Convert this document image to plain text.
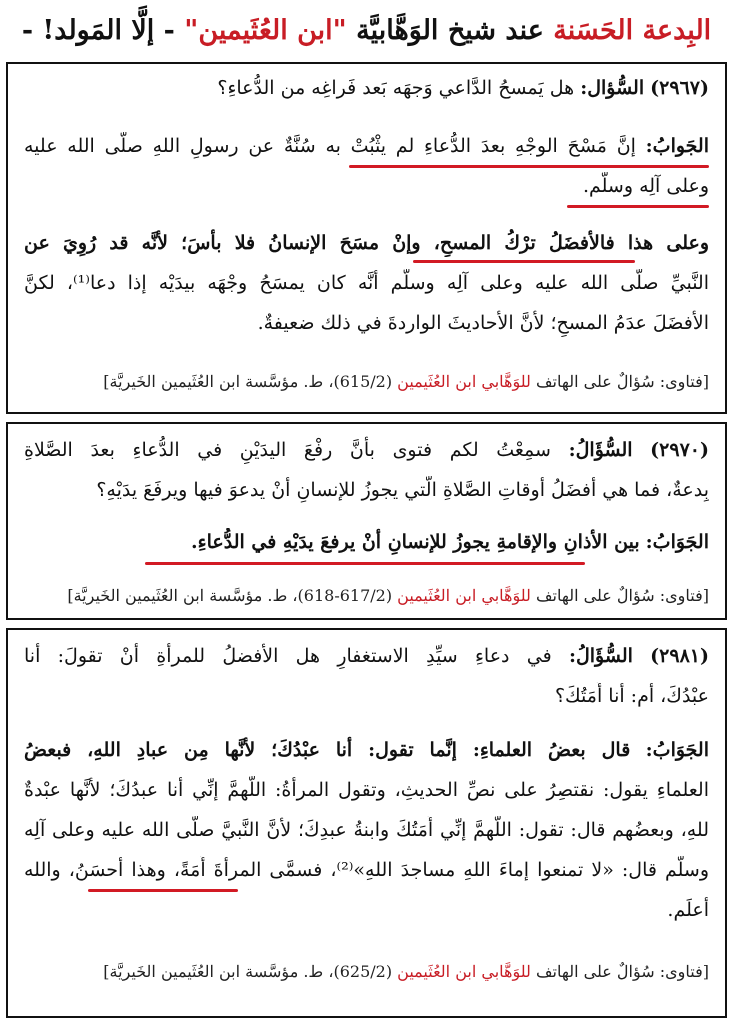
البِدعة الحَسَنة عند شيخ الوَهَّابيَّة "ابن العُثَيمين" - إلَّا المَولد! -
(٢٩٦٧) السُّؤال: هل يَمسحُ الدَّاعي وَجهَه بَعد فَراغِه من الدُّعاءِ؟
الجَوابُ: إنَّ مَسْحَ الوجْهِ بعدَ الدُّعاءِ لم يثْبُتْ به سُنَّةٌ عن رسولِ اللهِ صلَّى الله عليه
وعلى آلِه وسلَّم.
وعلى هذا فالأفضَلُ ترْكُ المسحِ، وإنْ مسَحَ الإنسانُ فلا بأْسَ؛ لأنَّه قد رُوِيَ عن
النَّبيِّ صلَّى الله عليه وعلى آلِه وسلَّم أنَّه كان يمسَحُ وجْهَه بيدَيْه إذا دعا⁽¹⁾، لكنَّ
الأفضَلَ عدَمُ المسحِ؛ لأنَّ الأحاديثَ الواردةَ في ذلك ضعيفةٌ.
[فتاوى: سُؤالٌ على الهاتف للوَهَّابي ابن العُثَيمين (615/2)، ط. مؤسَّسة ابن العُثَيمين الخَيريَّة]
(٢٩٧٠) السُّؤَالُ: سمِعْتُ لكم فتوى بأنَّ رفْعَ اليدَيْنِ في الدُّعاءِ بعدَ الصَّلاةِ
بِدعةٌ، فما هي أفضَلُ أوقاتِ الصَّلاةِ الَّتي يجوزُ للإنسانِ أنْ يدعوَ فيها ويرفَعَ يدَيْهِ؟
الجَوَابُ: بين الأذانِ والإقامةِ يجوزُ للإنسانِ أنْ يرفعَ يدَيْهِ في الدُّعاءِ.
[فتاوى: سُؤالٌ على الهاتف للوَهَّابي ابن العُثَيمين (617/2-618)، ط. مؤسَّسة ابن العُثَيمين الخَيريَّة]
(٢٩٨١) السُّؤَالُ: في دعاءِ سيِّدِ الاستغفارِ هل الأفضلُ للمرأةِ أنْ تقولَ: أنا
عبْدُكَ، أم: أنا أَمَتُكَ؟
الجَوَابُ: قال بعضُ العلماءِ: إنَّما تقول: أنا عبْدُكَ؛ لأنَّها مِن عبادِ اللهِ، فبعضُ
العلماءِ يقول: نقتصِرُ على نصِّ الحديثِ، وتقول المرأةُ: اللَّهمَّ إنِّي أنا عبدُكَ؛ لأنَّها عبْدةٌ
للهِ، وبعضُهم قال: تقول: اللَّهمَّ إنِّي أَمَتُكَ وابنةُ عبدِكَ؛ لأنَّ النَّبيَّ صلَّى الله عليه وعلى آلِه
وسلَّم قال: «لا تمنعوا إماءَ اللهِ مساجدَ اللهِ»⁽²⁾، فسمَّى المرأةَ أَمَةً، وهذا أحسَنُ، والله
أعلَم.
[فتاوى: سُؤالٌ على الهاتف للوَهَّابي ابن العُثَيمين (625/2)، ط. مؤسَّسة ابن العُثَيمين الخَيريَّة]
